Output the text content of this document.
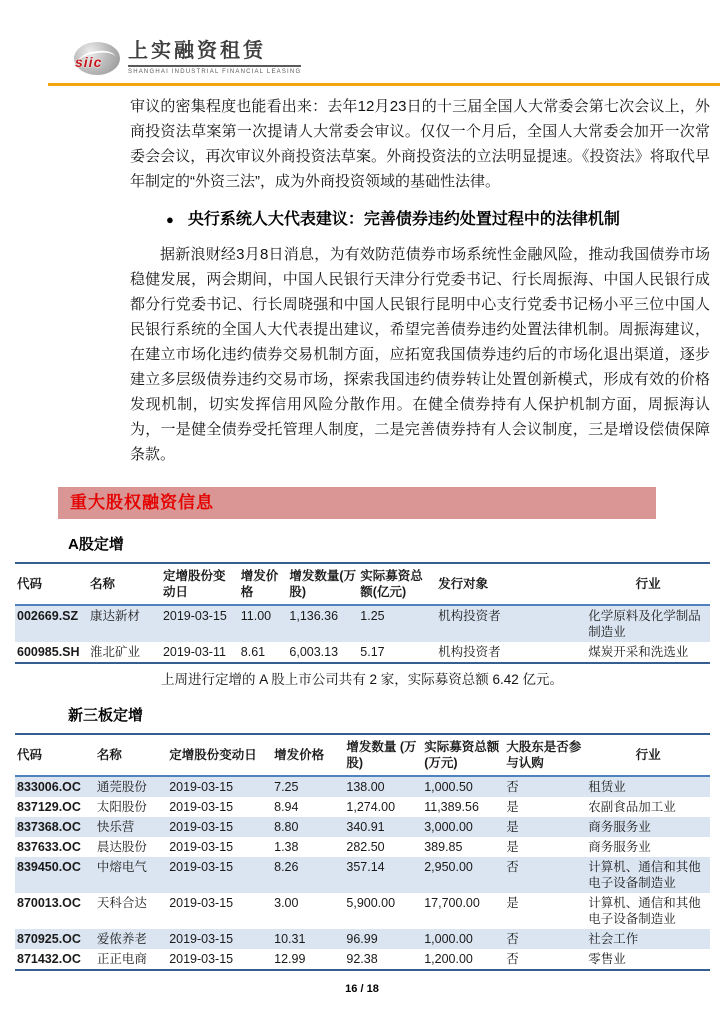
siic 上实融资租赁
SHANGHAI INDUSTRIAL FINANCIAL LEASING

审议的密集程度也能看出来：去年12月23日的十三届全国人大常委会第七次会议上，外商投资法草案第一次提请人大常委会审议。仅仅一个月后，全国人大常委会加开一次常委会会议，再次审议外商投资法草案。外商投资法的立法明显提速。《投资法》将取代早年制定的“外资三法”，成为外商投资领域的基础性法律。

● 央行系统人大代表建议：完善债券违约处置过程中的法律机制

据新浪财经3月8日消息，为有效防范债券市场系统性金融风险，推动我国债券市场稳健发展，两会期间，中国人民银行天津分行党委书记、行长周振海、中国人民银行成都分行党委书记、行长周晓强和中国人民银行昆明中心支行党委书记杨小平三位中国人民银行系统的全国人大代表提出建议，希望完善债券违约处置法律机制。周振海建议，在建立市场化违约债券交易机制方面，应拓宽我国债券违约后的市场化退出渠道，逐步建立多层级债券违约交易市场，探索我国违约债券转让处置创新模式，形成有效的价格发现机制，切实发挥信用风险分散作用。在健全债券持有人保护机制方面，周振海认为，一是健全债券受托管理人制度，二是完善债券持有人会议制度，三是增设偿债保障条款。

重大股权融资信息
A股定增
代码	名称	定增股份变动日	增发价格	增发数量(万股)	实际募资总额(亿元)	发行对象	行业
002669.SZ	康达新材	2019-03-15	11.00	1,136.36	1.25	机构投资者	化学原料及化学制品制造业
600985.SH	淮北矿业	2019-03-11	8.61	6,003.13	5.17	机构投资者	煤炭开采和洗选业

上周进行定增的 A 股上市公司共有 2 家，实际募资总额 6.42 亿元。

新三板定增
代码	名称	定增股份变动日	增发价格	增发数量 (万股)	实际募资总额(万元)	大股东是否参与认购	行业
833006.OC	通莞股份	2019-03-15	7.25	138.00	1,000.50	否	租赁业
837129.OC	太阳股份	2019-03-15	8.94	1,274.00	11,389.56	是	农副食品加工业
837368.OC	快乐营	2019-03-15	8.80	340.91	3,000.00	是	商务服务业
837633.OC	晨达股份	2019-03-15	1.38	282.50	389.85	是	商务服务业
839450.OC	中熔电气	2019-03-15	8.26	357.14	2,950.00	否	计算机、通信和其他电子设备制造业
870013.OC	天科合达	2019-03-15	3.00	5,900.00	17,700.00	是	计算机、通信和其他电子设备制造业
870925.OC	爱侬养老	2019-03-15	10.31	96.99	1,000.00	否	社会工作
871432.OC	正正电商	2019-03-15	12.99	92.38	1,200.00	否	零售业
16 / 18
